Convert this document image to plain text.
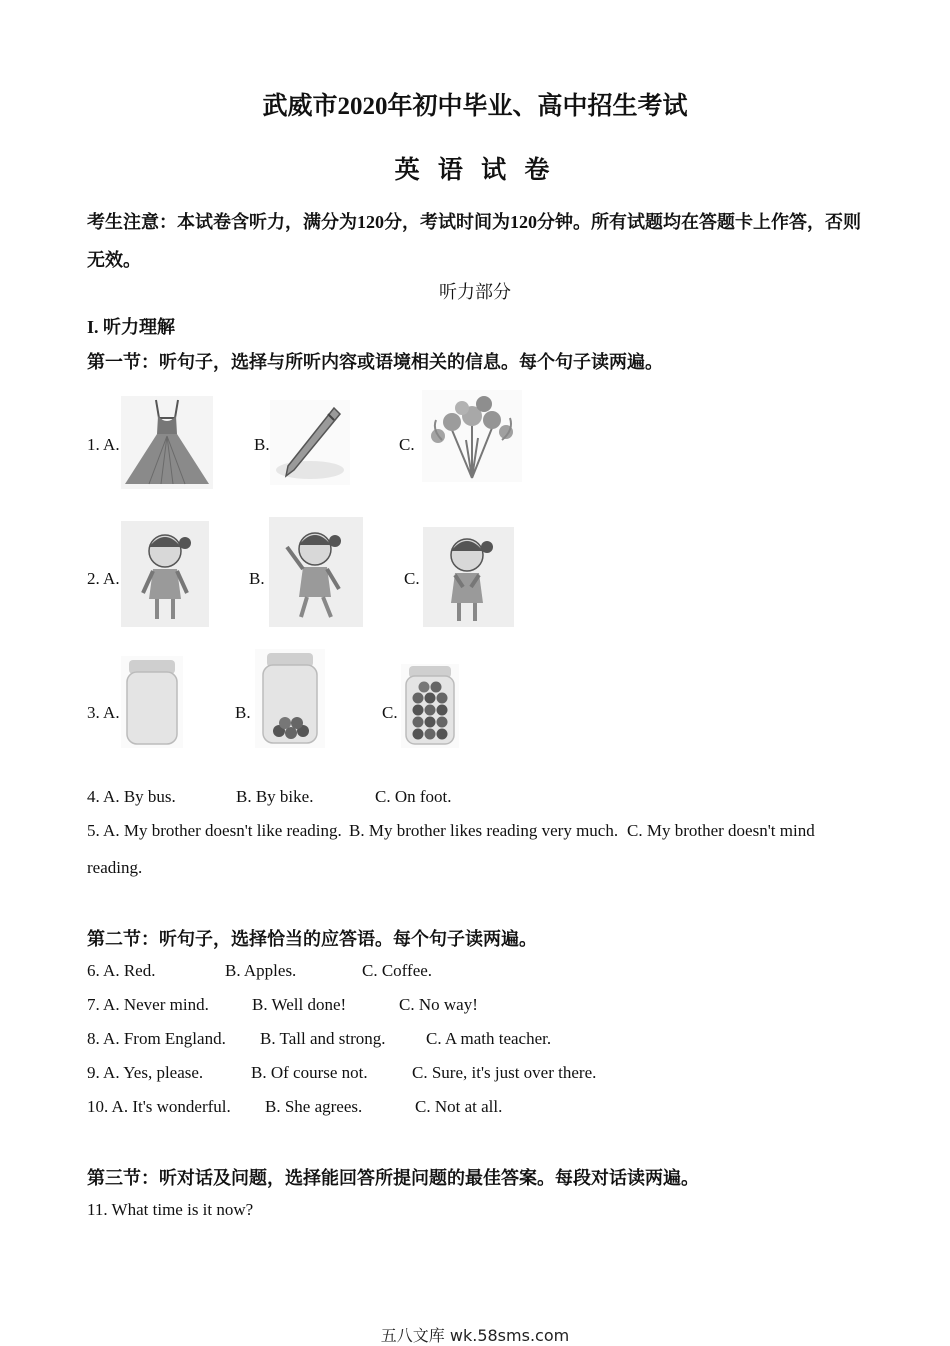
武威市2020年初中毕业、高中招生考试
英 语 试 卷
考生注意：本试卷含听力，满分为120分，考试时间为120分钟。所有试题均在答题卡上作答，否则无效。
听力部分
I. 听力理解
第一节：听句子，选择与所听内容或语境相关的信息。每个句子读两遍。
1. A.	B.	C.
2. A.	B.	C.
3. A.	B.	C.
4. A. By bus.	B. By bike.	C. On foot.
5. A. My brother doesn't like reading. B. My brother likes reading very much. C. My brother doesn't mind
reading.
第二节：听句子，选择恰当的应答语。每个句子读两遍。
6. A. Red.	B. Apples.	C. Coffee.
7. A. Never mind.	B. Well done!	C. No way!
8. A. From England. B. Tall and strong. C. A math teacher.
9. A. Yes, please.	B. Of course not.	C. Sure, it's just over there.
10. A. It's wonderful. B. She agrees.	C. Not at all.
第三节：听对话及问题，选择能回答所提问题的最佳答案。每段对话读两遍。
11. What time is it now?
五八文库 wk.58sms.com
